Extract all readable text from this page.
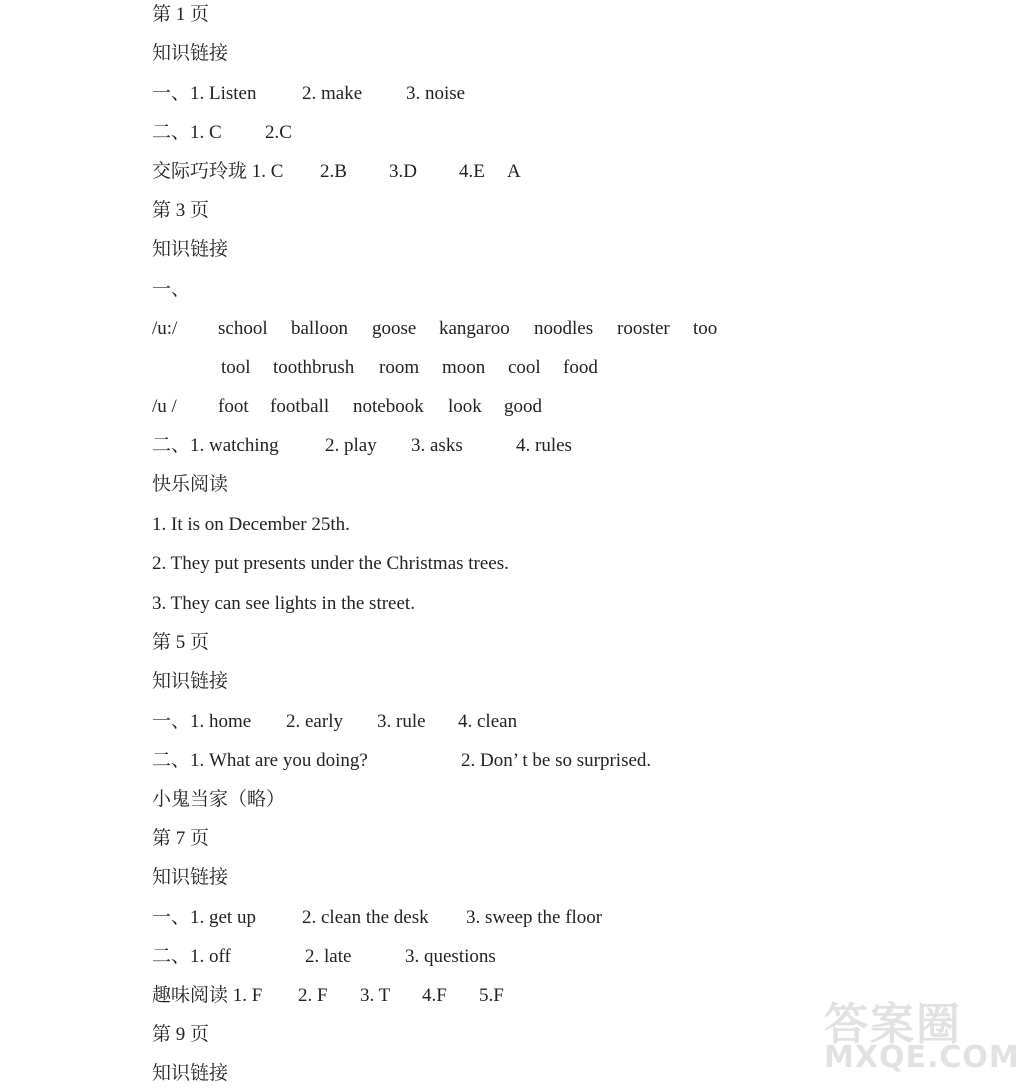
第 1 页
知识链接
一、1. Listen 2. make 3. noise
二、1. C 2.C
交际巧玲珑 1. C 2.B 3.D 4.E A
第 3 页
知识链接
一、
/u:/ school balloon goose kangaroo noodles rooster too
tool toothbrush room moon cool food
/u / foot football notebook look good
二、1. watching 2. play 3. asks	4. rules
快乐阅读
1. It is on December 25th.
2. They put presents under the Christmas trees.
3. They can see lights in the street.
第 5 页
知识链接
一、1. home 2. early 3. rule 4. clean
二、1. What are you doing?	2. Don’ t be so surprised.
小鬼当家（略）
第 7 页
知识链接
一、1. get up 2. clean the desk 3. sweep the floor
二、1. off	2. late	3. questions
趣味阅读 1. F 2. F 3. T 4.F 5.F
第 9 页
知识链接
答案圈
MXQE.COM
